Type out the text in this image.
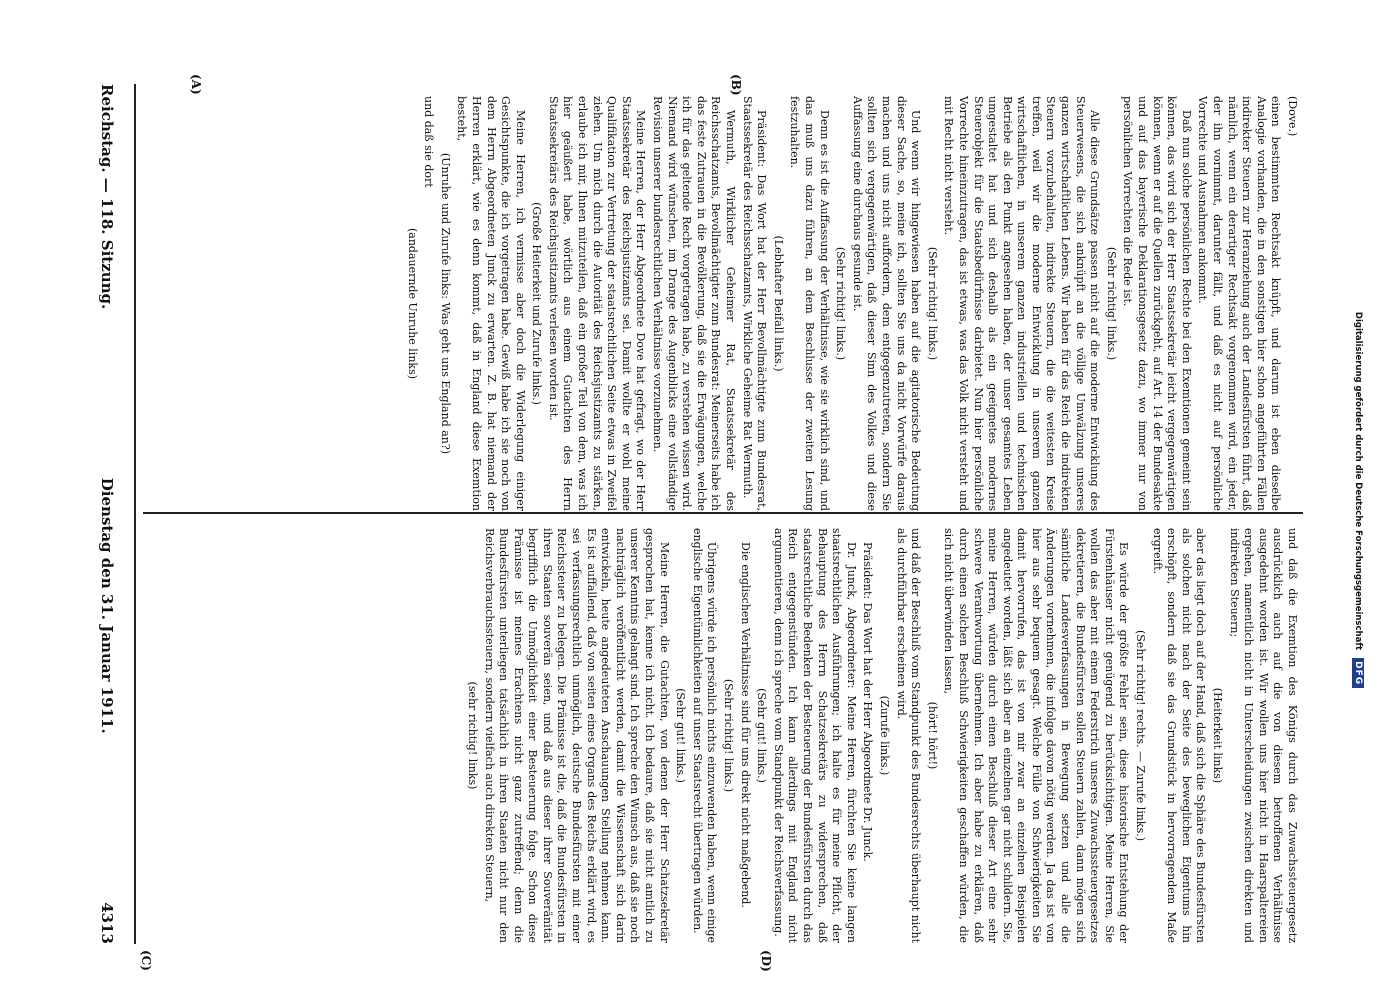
Reichstag. — 118. Sitzung.
Dienstag den 31. Januar 1911.
4313
(A)	(B)
(C)	(D)

(Dove.)

einen bestimmten Rechtsakt knüpft, und darum ist eben dieselbe Analogie vorhanden, die in den sonstigen hier schon angeführten Fällen indirekter Steuern zur Heranziehung auch der Landesfürsten führt, daß nämlich, wenn ein derartiger Rechtsakt vorgenommen wird, ein jeder, der ihn vornimmt, darunter fällt, und daß es nicht auf persönliche Vorrechte und Ausnahmen ankommt.

Daß nun solche persönlichen Rechte bei den Exemtionen gemeint sein können, das wird sich der Herr Staatssekretär leicht vergegenwärtigen können, wenn er auf die Quellen zurückgeht, auf Art. 14 der Bundesakte und auf das bayerische Deklarationsgesetz dazu, wo immer nur von persönlichen Vorrechten die Rede ist.

(Sehr richtig! links.)

Alle diese Grundsätze passen nicht auf die moderne Entwicklung des Steuerwesens, die sich anknüpft an die völlige Umwälzung unseres ganzen wirtschaftlichen Lebens. Wir haben für das Reich die indirekten Steuern vorzubehalten, indirekte Steuern, die die weitesten Kreise treffen, weil wir die moderne Entwicklung in unserem ganzen wirtschaftlichen, in unserem ganzen industriellen und technischen Betriebe als den Punkt angesehen haben, der unser gesamtes Leben umgestaltet hat und sich deshalb als ein geeignetes modernes Steuerobjekt für die Staatsbedürfnisse darbietet. Nun hier persönliche Vorrechte hineinzutragen, das ist etwas, was das Volk nicht versteht und mit Recht nicht versteht.

(Sehr richtig! links.)

Und wenn wir hingewiesen haben auf die agitatorische Bedeutung dieser Sache, so, meine ich, sollten Sie uns da nicht Vorwürfe daraus machen und uns nicht auffordern, dem entgegenzutreten, sondern Sie sollten sich vergegenwärtigen, daß dieser Sinn des Volkes und diese Auffassung eine durchaus gesunde ist.

(Sehr richtig! links.)

Denn es ist die Auffassung der Verhältnisse, wie sie wirklich sind, und das muß uns dazu führen, an dem Beschlusse der zweiten Lesung festzuhalten.

(Lebhafter Beifall links.)

Präsident: Das Wort hat der Herr Bevollmächtigte zum Bundesrat, Staatssekretär des Reichsschatzamts, Wirkliche Geheime Rat Wermuth.

Wermuth, Wirklicher Geheimer Rat, Staatssekretär des Reichsschatzamts, Bevollmächtigter zum Bundesrat: Meinerseits habe ich das feste Zutrauen in die Bevölkerung, daß sie die Erwägungen, welche ich für das geltende Recht vorgetragen habe, zu verstehen wissen wird. Niemand wird wünschen, im Drange des Augenblicks eine vollständige Revision unserer bundesrechtlichen Verhältnisse vorzunehmen.

Meine Herren, der Herr Abgeordnete Dove hat gefragt, wo der Herr Staatssekretär des Reichsjustizamts sei. Damit wollte er wohl meine Qualifikation zur Vertretung der staatsrechtlichen Seite etwas in Zweifel ziehen. Um mich durch die Autorität des Reichsjustizamts zu stärken, erlaube ich mir, Ihnen mitzuteilen, daß ein großer Teil von dem, was ich hier geäußert habe, wörtlich aus einem Gutachten des Herrn Staatssekretärs des Reichsjustizamts verlesen worden ist.

(Große Heiterkeit und Zurufe links.)

Meine Herren, ich vermisse aber doch die Widerlegung einiger Gesichtspunkte, die ich vorgetragen habe. Gewiß habe ich sie noch von dem Herrn Abgeordneten Junck zu erwarten. Z. B. hat niemand der Herren erklärt, wie es denn kommt, daß in England diese Exemtion besteht,

(Unruhe und Zurufe links: Was geht uns England an?)

und daß sie dort

(andauernde Unruhe links)

und daß die Exemtion des Königs durch das Zuwachssteuergesetz ausdrücklich auch auf die von diesem betroffenen Verhältnisse ausgedehnt worden ist. Wir wollen uns hier nicht in Haarspaltereien ergehen, namentlich nicht in Unterscheidungen zwischen direkten und indirekten Steuern;

(Heiterkeit links)

aber das liegt doch auf der Hand, daß sich die Sphäre des Bundesfürsten als solchen nicht nach der Seite des beweglichen Eigentums hin erschöpft, sondern daß sie das Grundstück in hervorragendem Maße ergreift.

(Sehr richtig! rechts. — Zurufe links.)

Es würde der größte Fehler sein, diese historische Entstehung der Fürstenhäuser nicht genügend zu berücksichtigen. Meine Herren, Sie wollen das aber mit einem Federstrich unseres Zuwachssteuergesetzes dekretieren, die Bundesfürsten sollen Steuern zahlen, dann mögen sich sämtliche Landesverfassungen in Bewegung setzen und alle die Änderungen vornehmen, die infolge davon nötig werden. Ja das ist von hier aus sehr bequem gesagt. Welche Fülle von Schwierigkeiten Sie damit hervorrufen, das ist von mir zwar an einzelnen Beispielen angedeutet worden, läßt sich aber an einzelnen gar nicht schildern. Sie, meine Herren, würden durch einen Beschluß dieser Art eine sehr schwere Verantwortung übernehmen. Ich aber habe zu erklären, daß durch einen solchen Beschluß Schwierigkeiten geschaffen würden, die sich nicht überwinden lassen,

(hört! hört!)

und daß der Beschluß vom Standpunkt des Bundesrechts überhaupt nicht als durchführbar erscheinen wird.

(Zurufe links.)

Präsident: Das Wort hat der Herr Abgeordnete Dr. Junck.

Dr. Junck, Abgeordneter: Meine Herren, fürchten Sie keine langen staatsrechtlichen Ausführungen; ich halte es für meine Pflicht, der Behauptung des Herrn Schatzsekretärs zu widersprechen, daß staatsrechtliche Bedenken der Besteuerung der Bundesfürsten durch das Reich entgegenstünden. Ich kann allerdings mit England nicht argumentieren, denn ich spreche vom Standpunkt der Reichsverfassung.

(Sehr gut! links.)

Die englischen Verhältnisse sind für uns direkt nicht maßgebend.

(Sehr richtig! links.)

Übrigens würde ich persönlich nichts einzuwenden haben, wenn einige englische Eigentümlichkeiten auf unser Staatsrecht übertragen würden.

(Sehr gut! links.)

Meine Herren, die Gutachten, von denen der Herr Schatzsekretär gesprochen hat, kenne ich nicht. Ich bedaure, daß sie nicht amtlich zu unserer Kenntnis gelangt sind. Ich spreche den Wunsch aus, daß sie noch nachträglich veröffentlicht werden, damit die Wissenschaft sich darin entwickeln, heute angedeuteten Anschauungen Stellung nehmen kann. Es ist auffallend, daß von seiten eines Organs des Reichs erklärt wird, es sei verfassungsrechtlich unmöglich, deutsche Bundesfürsten mit einer Reichssteuer zu belegen. Die Prämisse ist die, daß die Bundesfürsten in ihren Staaten souverän seien, und daß aus dieser ihrer Souveränität begrifflich die Unmöglichkeit einer Besteuerung folge. Schon diese Prämisse ist meines Erachtens nicht ganz zutreffend; denn die Bundesfürsten unterliegen tatsächlich in ihren Staaten nicht nur den Reichsverbrauchssteuern, sondern vielfach auch direkten Steuern,

(sehr richtig! links)

Digitalisierung gefördert durch die Deutsche Forschungsgemeinschaft
DFG
